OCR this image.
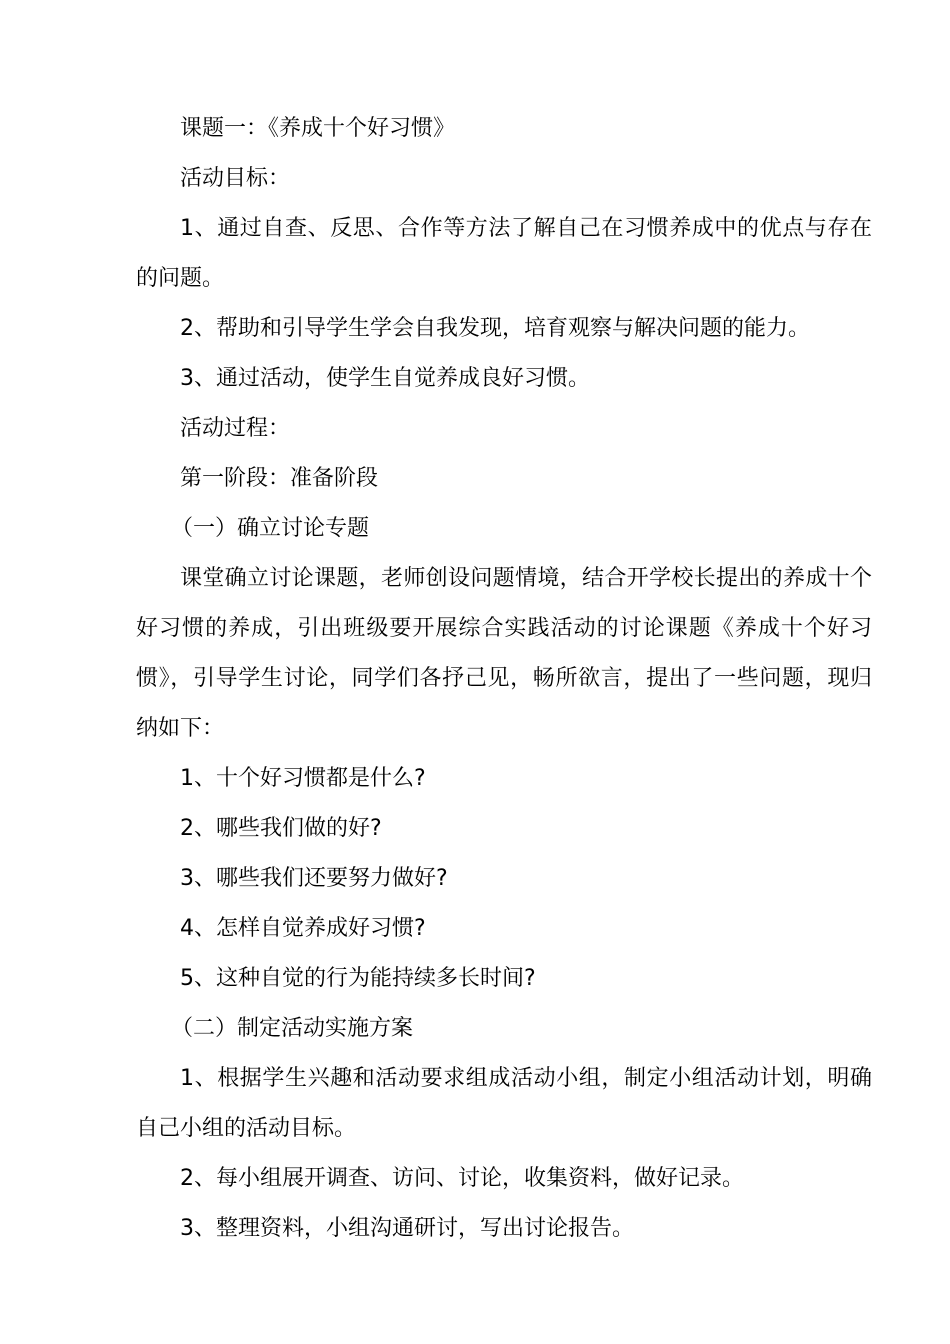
课题一：《养成十个好习惯》

活动目标：

1、通过自查、反思、合作等方法了解自己在习惯养成中的优点与存在的问题。

2、帮助和引导学生学会自我发现，培育观察与解决问题的能力。

3、通过活动，使学生自觉养成良好习惯。

活动过程：

第一阶段：准备阶段

（一）确立讨论专题

课堂确立讨论课题，老师创设问题情境，结合开学校长提出的养成十个好习惯的养成，引出班级要开展综合实践活动的讨论课题《养成十个好习惯》，引导学生讨论，同学们各抒己见，畅所欲言，提出了一些问题，现归纳如下：

1、十个好习惯都是什么?

2、哪些我们做的好?

3、哪些我们还要努力做好?

4、怎样自觉养成好习惯?

5、这种自觉的行为能持续多长时间?

（二）制定活动实施方案

1、根据学生兴趣和活动要求组成活动小组，制定小组活动计划，明确自己小组的活动目标。

2、每小组展开调查、访问、讨论，收集资料，做好记录。

3、整理资料，小组沟通研讨，写出讨论报告。
